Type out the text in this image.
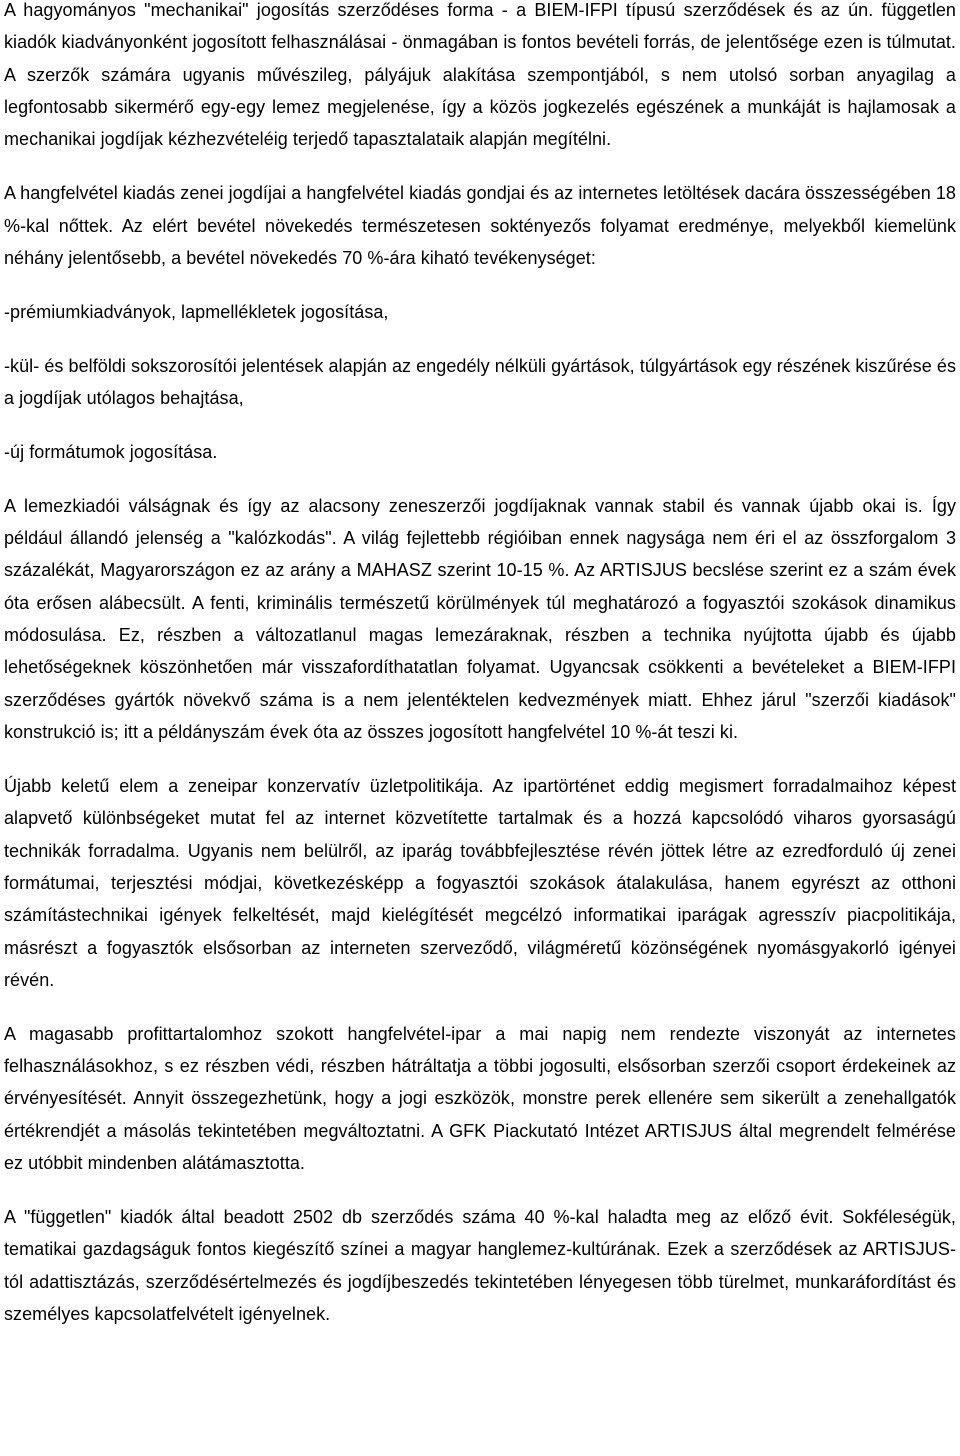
A hagyományos "mechanikai" jogosítás szerződéses forma - a BIEM-IFPI típusú szerződések és az ún. független kiadók kiadványonként jogosított felhasználásai - önmagában is fontos bevételi forrás, de jelentősége ezen is túlmutat. A szerzők számára ugyanis művészileg, pályájuk alakítása szempontjából, s nem utolsó sorban anyagilag a legfontosabb sikermérő egy-egy lemez megjelenése, így a közös jogkezelés egészének a munkáját is hajlamosak a mechanikai jogdíjak kézhezvételéig terjedő tapasztalataik alapján megítélni.

A hangfelvétel kiadás zenei jogdíjai a hangfelvétel kiadás gondjai és az internetes letöltések dacára összességében 18 %-kal nőttek. Az elért bevétel növekedés természetesen soktényezős folyamat eredménye, melyekből kiemelünk néhány jelentősebb, a bevétel növekedés 70 %-ára kiható tevékenységet:

-prémiumkiadványok, lapmellékletek jogosítása,

-kül- és belföldi sokszorosítói jelentések alapján az engedély nélküli gyártások, túlgyártások egy részének kiszűrése és a jogdíjak utólagos behajtása,

-új formátumok jogosítása.

A lemezkiadói válságnak és így az alacsony zeneszerzői jogdíjaknak vannak stabil és vannak újabb okai is. Így például állandó jelenség a "kalózkodás". A világ fejlettebb régióiban ennek nagysága nem éri el az összforgalom 3 százalékát, Magyarországon ez az arány a MAHASZ szerint 10-15 %. Az ARTISJUS becslése szerint ez a szám évek óta erősen alábecsült. A fenti, kriminális természetű körülmények túl meghatározó a fogyasztói szokások dinamikus módosulása. Ez, részben a változatlanul magas lemezáraknak, részben a technika nyújtotta újabb és újabb lehetőségeknek köszönhetően már visszafordíthatatlan folyamat. Ugyancsak csökkenti a bevételeket a BIEM-IFPI szerződéses gyártók növekvő száma is a nem jelentéktelen kedvezmények miatt. Ehhez járul "szerzői kiadások" konstrukció is; itt a példányszám évek óta az összes jogosított hangfelvétel 10 %-át teszi ki.

Újabb keletű elem a zeneipar konzervatív üzletpolitikája. Az ipartörténet eddig megismert forradalmaihoz képest alapvető különbségeket mutat fel az internet közvetítette tartalmak és a hozzá kapcsolódó viharos gyorsaságú technikák forradalma. Ugyanis nem belülről, az iparág továbbfejlesztése révén jöttek létre az ezredforduló új zenei formátumai, terjesztési módjai, következésképp a fogyasztói szokások átalakulása, hanem egyrészt az otthoni számítástechnikai igények felkeltését, majd kielégítését megcélzó informatikai iparágak agresszív piacpolitikája, másrészt a fogyasztók elsősorban az interneten szerveződő, világméretű közönségének nyomásgyakorló igényei révén.

A magasabb profittartalomhoz szokott hangfelvétel-ipar a mai napig nem rendezte viszonyát az internetes felhasználásokhoz, s ez részben védi, részben hátráltatja a többi jogosulti, elsősorban szerzői csoport érdekeinek az érvényesítését. Annyit összegezhetünk, hogy a jogi eszközök, monstre perek ellenére sem sikerült a zenehallgatók értékrendjét a másolás tekintetében megváltoztatni. A GFK Piackutató Intézet ARTISJUS által megrendelt felmérése ez utóbbit mindenben alátámasztotta.

A "független" kiadók által beadott 2502 db szerződés száma 40 %-kal haladta meg az előző évit. Sokféleségük, tematikai gazdagságuk fontos kiegészítő színei a magyar hanglemez-kultúrának. Ezek a szerződések az ARTISJUS-tól adattisztázás, szerződésértelmezés és jogdíjbeszedés tekintetében lényegesen több türelmet, munkaráfordítást és személyes kapcsolatfelvételt igényelnek.
